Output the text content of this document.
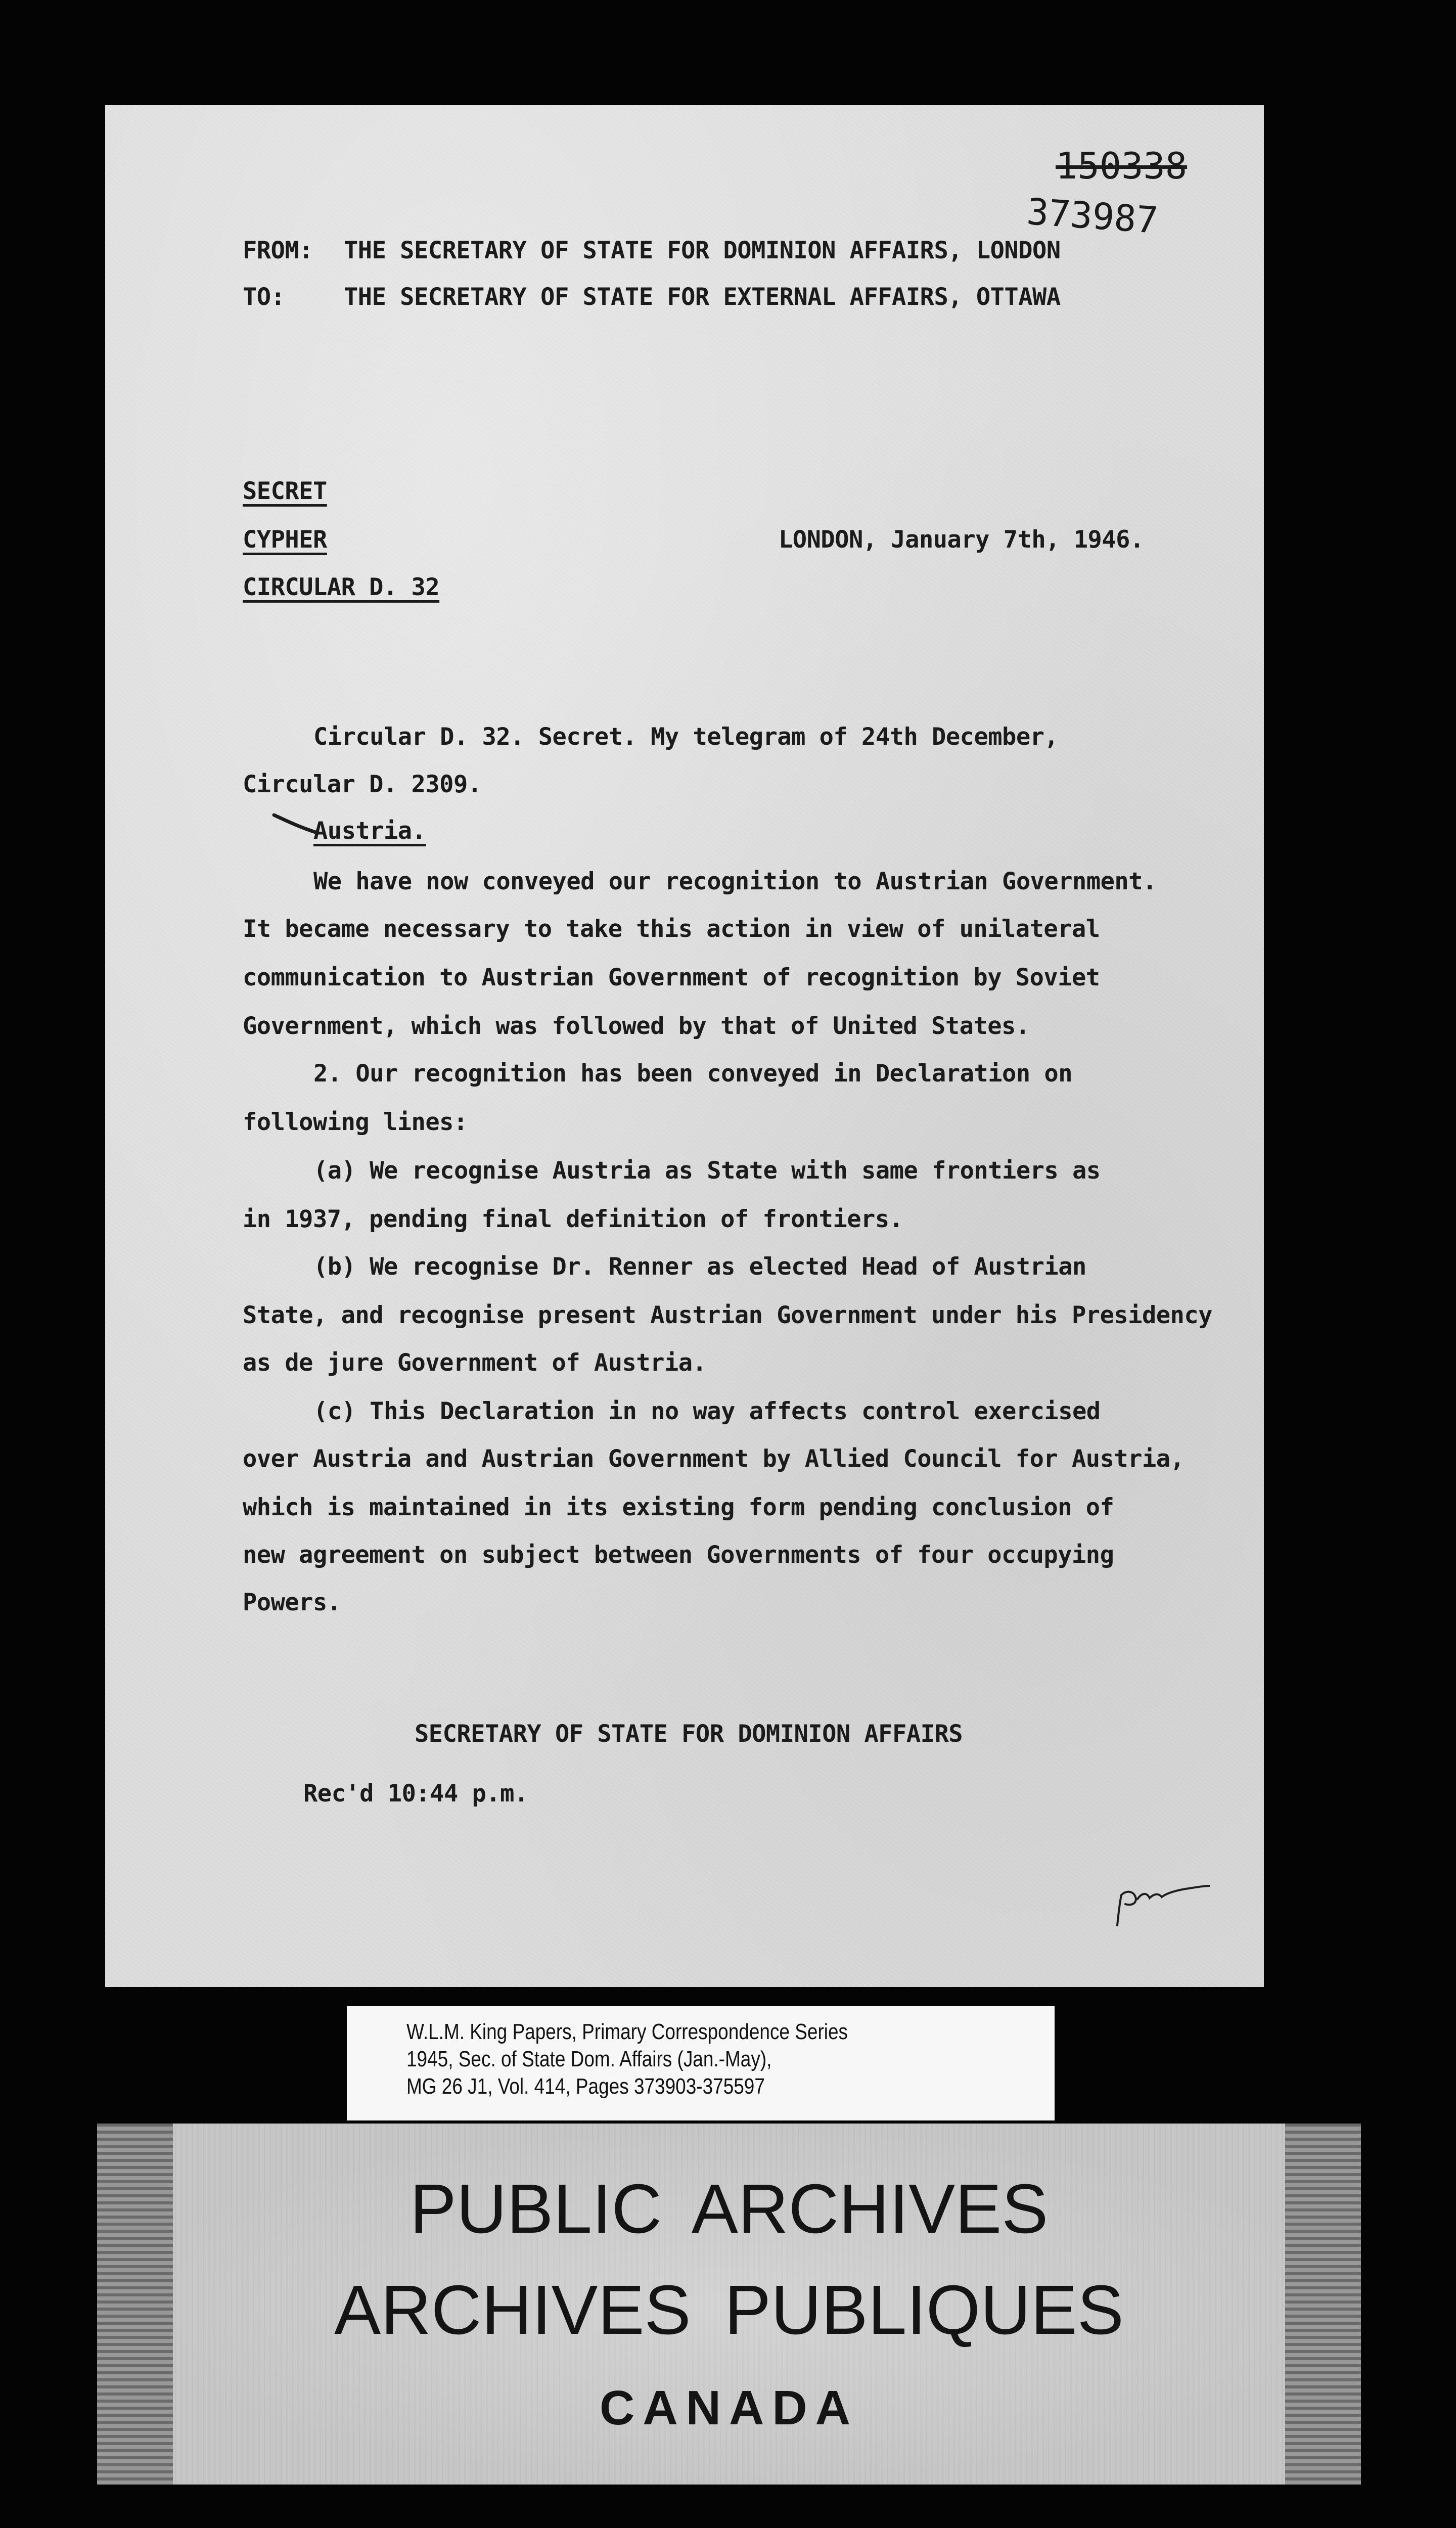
150338
373987
FROM: THE SECRETARY OF STATE FOR DOMINION AFFAIRS, LONDON
TO: THE SECRETARY OF STATE FOR EXTERNAL AFFAIRS, OTTAWA
SECRET
CYPHER
CIRCULAR D. 32
LONDON, January 7th, 1946.
Circular D. 32. Secret. My telegram of 24th December,
Circular D. 2309.
Austria.
We have now conveyed our recognition to Austrian Government.
It became necessary to take this action in view of unilateral
communication to Austrian Government of recognition by Soviet
Government, which was followed by that of United States.
2. Our recognition has been conveyed in Declaration on
following lines:
(a) We recognise Austria as State with same frontiers as
in 1937, pending final definition of frontiers.
(b) We recognise Dr. Renner as elected Head of Austrian
State, and recognise present Austrian Government under his Presidency
as de jure Government of Austria.
(c) This Declaration in no way affects control exercised
over Austria and Austrian Government by Allied Council for Austria,
which is maintained in its existing form pending conclusion of
new agreement on subject between Governments of four occupying
Powers.
SECRETARY OF STATE FOR DOMINION AFFAIRS
Rec'd 10:44 p.m.
W.L.M. King Papers, Primary Correspondence Series
1945, Sec. of State Dom. Affairs (Jan.-May),
MG 26 J1, Vol. 414, Pages 373903-375597
PUBLIC ARCHIVES
ARCHIVES PUBLIQUES
CANADA
